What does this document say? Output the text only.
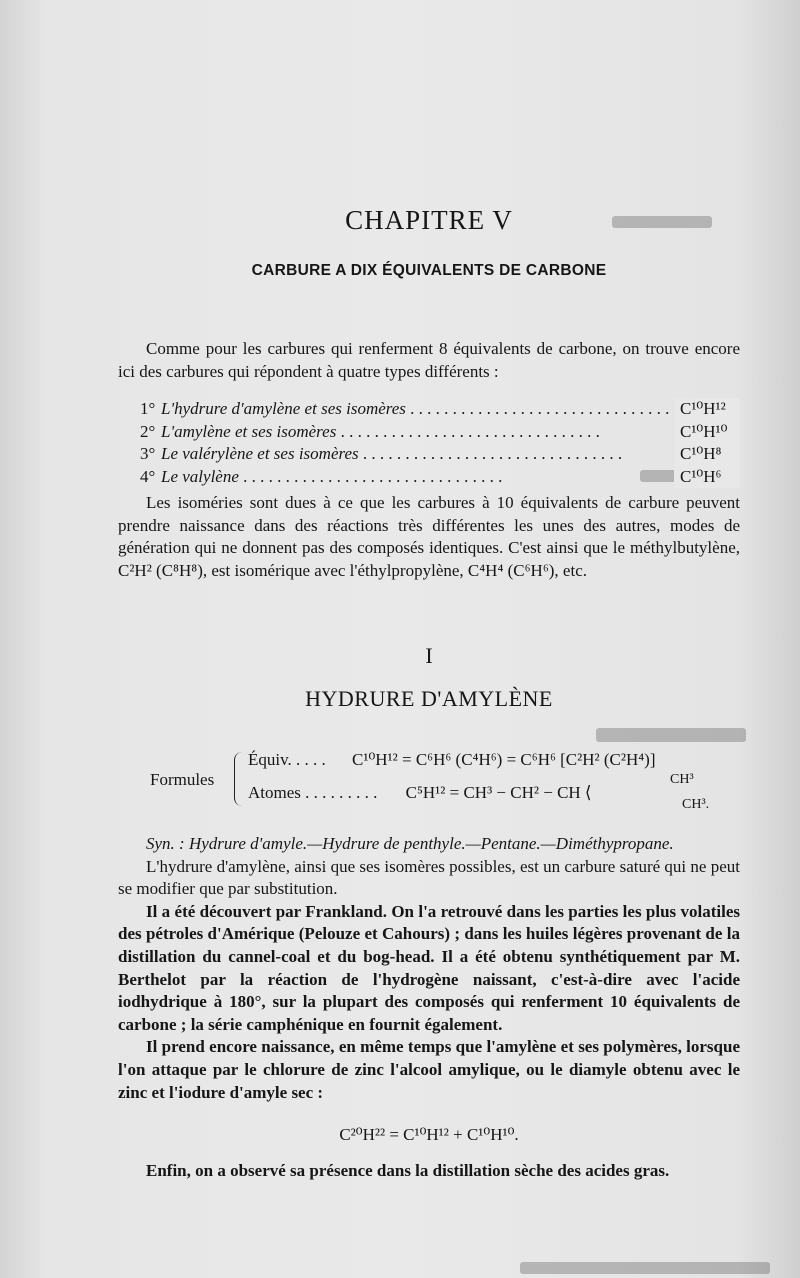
CHAPITRE V
CARBURE A DIX ÉQUIVALENTS DE CARBONE

Comme pour les carbures qui renferment 8 équivalents de carbone, on trouve encore ici des carbures qui répondent à quatre types différents :

1° L'hydrure d'amylène et ses isomères . . .	C¹⁰H¹²
2° L'amylène et ses isomères . . .	C¹⁰H¹⁰
3° Le valérylène et ses isomères . . .	C¹⁰H⁸
4° Le valylène . . .	C¹⁰H⁶

Les isoméries sont dues à ce que les carbures à 10 équivalents de carbure peuvent prendre naissance dans des réactions très différentes les unes des autres, modes de génération qui ne donnent pas des composés identiques. C'est ainsi que le méthylbutylène, C²H² (C⁸H⁸), est isomérique avec l'éthylpropylène, C⁴H⁴ (C⁶H⁶), etc.

I
HYDRURE D'AMYLÈNE
Formules
Équiv. . . . . C¹⁰H¹² = C⁶H⁶ (C⁴H⁶) = C⁶H⁶ [C²H² (C²H⁴)]
Atomes . . . . . . . . . C⁵H¹² = CH³ − CH² − CH ⟨
CH³
CH³.

Syn. : Hydrure d'amyle.—Hydrure de penthyle.—Pentane.—Diméthypropane.

L'hydrure d'amylène, ainsi que ses isomères possibles, est un carbure saturé qui ne peut se modifier que par substitution.

Il a été découvert par Frankland. On l'a retrouvé dans les parties les plus volatiles des pétroles d'Amérique (Pelouze et Cahours) ; dans les huiles légères provenant de la distillation du cannel-coal et du bog-head. Il a été obtenu synthétiquement par M. Berthelot par la réaction de l'hydrogène naissant, c'est-à-dire avec l'acide iodhydrique à 180°, sur la plupart des composés qui renferment 10 équivalents de carbone ; la série camphénique en fournit également.

Il prend encore naissance, en même temps que l'amylène et ses polymères, lorsque l'on attaque par le chlorure de zinc l'alcool amylique, ou le diamyle obtenu avec le zinc et l'iodure d'amyle sec :

C²⁰H²² = C¹⁰H¹² + C¹⁰H¹⁰.

Enfin, on a observé sa présence dans la distillation sèche des acides gras.
